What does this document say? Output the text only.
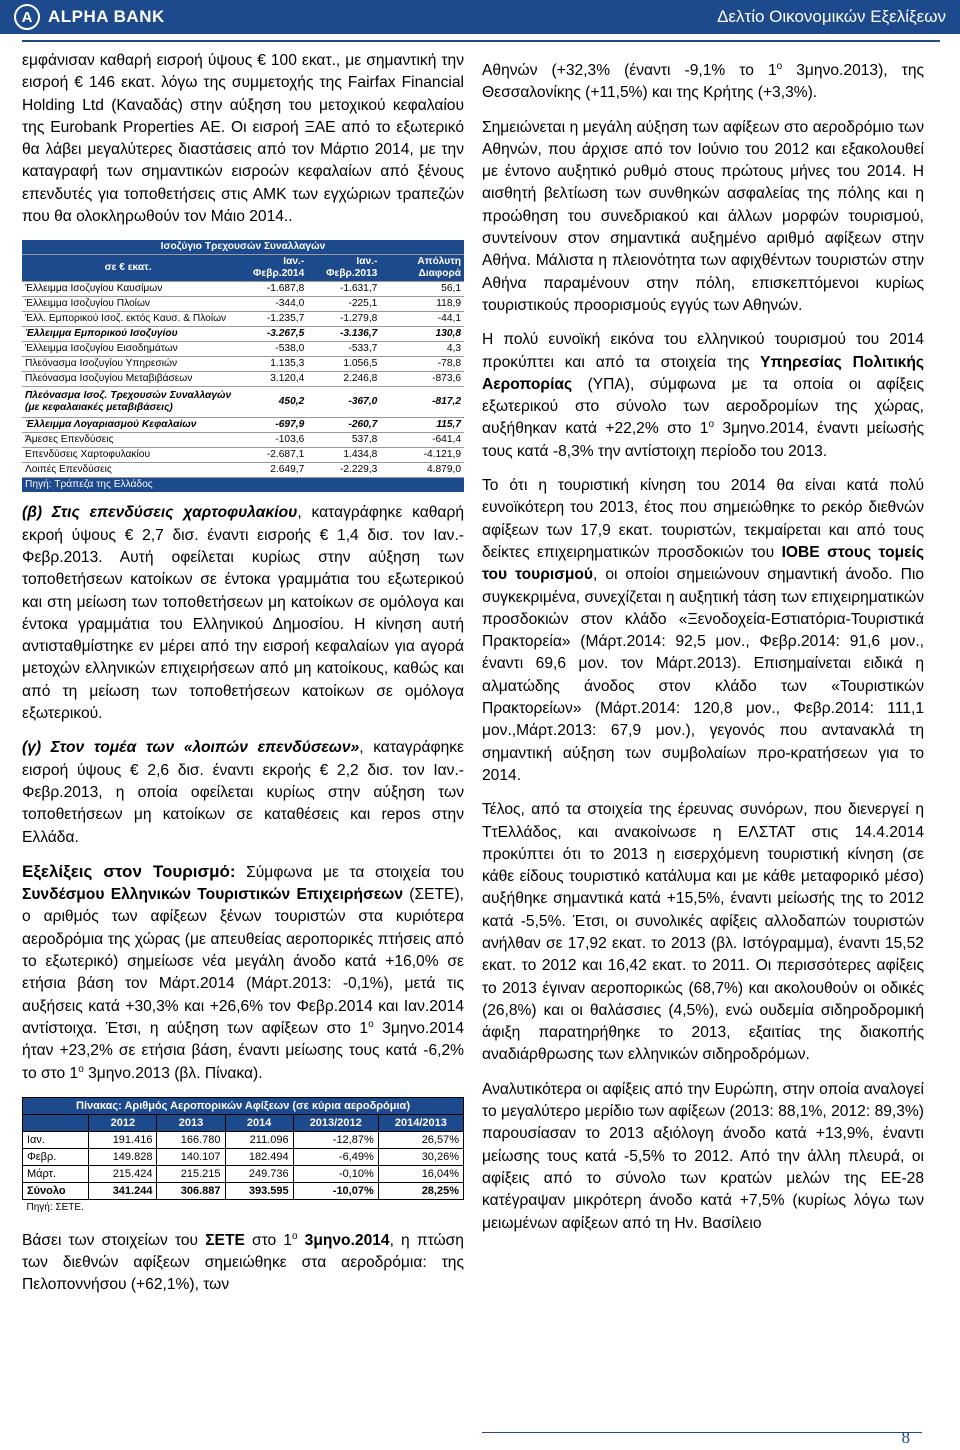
A ALPHA BANK	Δελτίο Οικονομικών Εξελίξεων

εμφάνισαν καθαρή εισροή ύψους € 100 εκατ., με σημαντική την εισροή € 146 εκατ. λόγω της συμμετοχής της Fairfax Financial Holding Ltd (Καναδάς) στην αύξηση του μετοχικού κεφαλαίου της Eurobank Properties ΑΕ. Οι εισροή ΞΑΕ από το εξωτερικό θα λάβει μεγαλύτερες διαστάσεις από τον Μάρτιο 2014, με την καταγραφή των σημαντικών εισροών κεφαλαίων από ξένους επενδυτές για τοποθετήσεις στις ΑΜΚ των εγχώριων τραπεζών που θα ολοκληρωθούν τον Μάιο 2014..

Ισοζύγιο Τρεχουσών Συναλλαγών			
σε € εκατ.	Ιαν.-Φεβρ.2014	Ιαν.-Φεβρ.2013	Απόλυτη Διαφορά
Έλλειμμα Ισοζυγίου Καυσίμων	-1.687,8	-1.631,7	56,1
Έλλειμμα Ισοζυγίου Πλοίων	-344,0	-225,1	118,9
Έλλ. Εμπορικού Ισοζ. εκτός Καυσ. & Πλοίων	-1.235,7	-1.279,8	-44,1
Έλλειμμα Εμπορικού Ισοζυγίου	-3.267,5	-3.136,7	130,8
Έλλειμμα Ισοζυγίου Εισοδημάτων	-538,0	-533,7	4,3
Πλεόνασμα Ισοζυγίου Υπηρεσιών	1.135,3	1.056,5	-78,8
Πλεόνασμα Ισοζυγίου Μεταβιβάσεων	3.120,4	2.246,8	-873,6
Πλεόνασμα Ισοζ. Τρεχουσών Συναλλαγών (με κεφαλαιακές μεταβιβάσεις)	450,2	-367,0	-817,2
Έλλειμμα Λογαριασμού Κεφαλαίων	-697,9	-260,7	115,7
Άμεσες Επενδύσεις	-103,6	537,8	-641,4
Επενδύσεις Χαρτοφυλακίου	-2.687,1	1.434,8	-4.121,9
Λοιπές Επενδύσεις	2.649,7	-2.229,3	4.879,0
Πηγή: Τράπεζα της Ελλάδος			

(β) Στις επενδύσεις χαρτοφυλακίου, καταγράφηκε καθαρή εκροή ύψους € 2,7 δισ. έναντι εισροής € 1,4 δισ. τον Ιαν.-Φεβρ.2013. Αυτή οφείλεται κυρίως στην αύξηση των τοποθετήσεων κατοίκων σε έντοκα γραμμάτια του εξωτερικού και στη μείωση των τοποθετήσεων μη κατοίκων σε ομόλογα και έντοκα γραμμάτια του Ελληνικού Δημοσίου. Η κίνηση αυτή αντισταθμίστηκε εν μέρει από την εισροή κεφαλαίων για αγορά μετοχών ελληνικών επιχειρήσεων από μη κατοίκους, καθώς και από τη μείωση των τοποθετήσεων κατοίκων σε ομόλογα εξωτερικού.

(γ) Στον τομέα των «λοιπών επενδύσεων», καταγράφηκε εισροή ύψους € 2,6 δισ. έναντι εκροής € 2,2 δισ. τον Ιαν.-Φεβρ.2013, η οποία οφείλεται κυρίως στην αύξηση των τοποθετήσεων μη κατοίκων σε καταθέσεις και repos στην Ελλάδα.

Εξελίξεις στον Τουρισμό: Σύμφωνα με τα στοιχεία του Συνδέσμου Ελληνικών Τουριστικών Επιχειρήσεων (ΣΕΤΕ), ο αριθμός των αφίξεων ξένων τουριστών στα κυριότερα αεροδρόμια της χώρας (με απευθείας αεροπορικές πτήσεις από το εξωτερικό) σημείωσε νέα μεγάλη άνοδο κατά +16,0% σε ετήσια βάση τον Μάρτ.2014 (Μάρτ.2013: -0,1%), μετά τις αυξήσεις κατά +30,3% και +26,6% τον Φεβρ.2014 και Ιαν.2014 αντίστοιχα. Έτσι, η αύξηση των αφίξεων στο $1^o$ 3μηνο.2014 ήταν +23,2% σε ετήσια βάση, έναντι μείωσης τους κατά -6,2% το στο $1^o$ 3μηνο.2013 (βλ. Πίνακα).

Πίνακας: Αριθμός Αεροπορικών Αφίξεων (σε κύρια αεροδρόμια)					
	2012	2013	2014	2013/2012	2014/2013
Ιαν.	191.416	166.780	211.096	-12,87%	26,57%
Φεβρ.	149.828	140.107	182.494	-6,49%	30,26%
Μάρτ.	215.424	215.215	249.736	-0,10%	16,04%
Σύνολο	341.244	306.887	393.595	-10,07%	28,25%
Πηγή: ΣΕΤΕ.					

Βάσει των στοιχείων του ΣΕΤΕ στο $1^o$ 3μηνο.2014, η πτώση των διεθνών αφίξεων σημειώθηκε στα αεροδρόμια: της Πελοποννήσου (+62,1%), των

Αθηνών (+32,3% (έναντι -9,1% το $1^o$ 3μηνο.2013), της Θεσσαλονίκης (+11,5%) και της Κρήτης (+3,3%).

Σημειώνεται η μεγάλη αύξηση των αφίξεων στο αεροδρόμιο των Αθηνών, που άρχισε από τον Ιούνιο του 2012 και εξακολουθεί με έντονο αυξητικό ρυθμό στους πρώτους μήνες του 2014. Η αισθητή βελτίωση των συνθηκών ασφαλείας της πόλης και η προώθηση του συνεδριακού και άλλων μορφών τουρισμού, συντείνουν στον σημαντικά αυξημένο αριθμό αφίξεων στην Αθήνα. Μάλιστα η πλειονότητα των αφιχθέντων τουριστών στην Αθήνα παραμένουν στην πόλη, επισκεπτόμενοι κυρίως τουριστικούς προορισμούς εγγύς των Αθηνών.

Η πολύ ευνοϊκή εικόνα του ελληνικού τουρισμού του 2014 προκύπτει και από τα στοιχεία της Υπηρεσίας Πολιτικής Αεροπορίας (ΥΠΑ), σύμφωνα με τα οποία οι αφίξεις εξωτερικού στο σύνολο των αεροδρομίων της χώρας, αυξήθηκαν κατά +22,2% στο $1^o$ 3μηνο.2014, έναντι μείωσής τους κατά -8,3% την αντίστοιχη περίοδο του 2013.

Το ότι η τουριστική κίνηση του 2014 θα είναι κατά πολύ ευνοϊκότερη του 2013, έτος που σημειώθηκε το ρεκόρ διεθνών αφίξεων των 17,9 εκατ. τουριστών, τεκμαίρεται και από τους δείκτες επιχειρηματικών προσδοκιών του ΙΟΒΕ στους τομείς του τουρισμού, οι οποίοι σημειώνουν σημαντική άνοδο. Πιο συγκεκριμένα, συνεχίζεται η αυξητική τάση των επιχειρηματικών προσδοκιών στον κλάδο «Ξενοδοχεία-Εστιατόρια-Τουριστικά Πρακτορεία» (Μάρτ.2014: 92,5 μον., Φεβρ.2014: 91,6 μον., έναντι 69,6 μον. τον Μάρτ.2013). Επισημαίνεται ειδικά η αλματώδης άνοδος στον κλάδο των «Τουριστικών Πρακτορείων» (Μάρτ.2014: 120,8 μον., Φεβρ.2014: 111,1 μον.,Μάρτ.2013: 67,9 μον.), γεγονός που αντανακλά τη σημαντική αύξηση των συμβολαίων προ-κρατήσεων για το 2014.

Τέλος, από τα στοιχεία της έρευνας συνόρων, που διενεργεί η ΤτΕλλάδος, και ανακοίνωσε η ΕΛΣΤΑΤ στις 14.4.2014 προκύπτει ότι το 2013 η εισερχόμενη τουριστική κίνηση (σε κάθε είδους τουριστικό κατάλυμα και με κάθε μεταφορικό μέσο) αυξήθηκε σημαντικά κατά +15,5%, έναντι μείωσής της το 2012 κατά -5,5%. Έτσι, οι συνολικές αφίξεις αλλοδαπών τουριστών ανήλθαν σε 17,92 εκατ. το 2013 (βλ. Ιστόγραμμα), έναντι 15,52 εκατ. το 2012 και 16,42 εκατ. το 2011. Οι περισσότερες αφίξεις το 2013 έγιναν αεροπορικώς (68,7%) και ακολουθούν οι οδικές (26,8%) και οι θαλάσσιες (4,5%), ενώ ουδεμία σιδηροδρομική άφιξη παρατηρήθηκε το 2013, εξαιτίας της διακοπής αναδιάρθρωσης των ελληνικών σιδηροδρόμων.

Αναλυτικότερα οι αφίξεις από την Ευρώπη, στην οποία αναλογεί το μεγαλύτερο μερίδιο των αφίξεων (2013: 88,1%, 2012: 89,3%) παρουσίασαν το 2013 αξιόλογη άνοδο κατά +13,9%, έναντι μείωσης τους κατά -5,5% το 2012. Από την άλλη πλευρά, οι αφίξεις από το σύνολο των κρατών μελών της ΕΕ-28 κατέγραψαν μικρότερη άνοδο κατά +7,5% (κυρίως λόγω των μειωμένων αφίξεων από τη Ην. Βασίλειο

8
